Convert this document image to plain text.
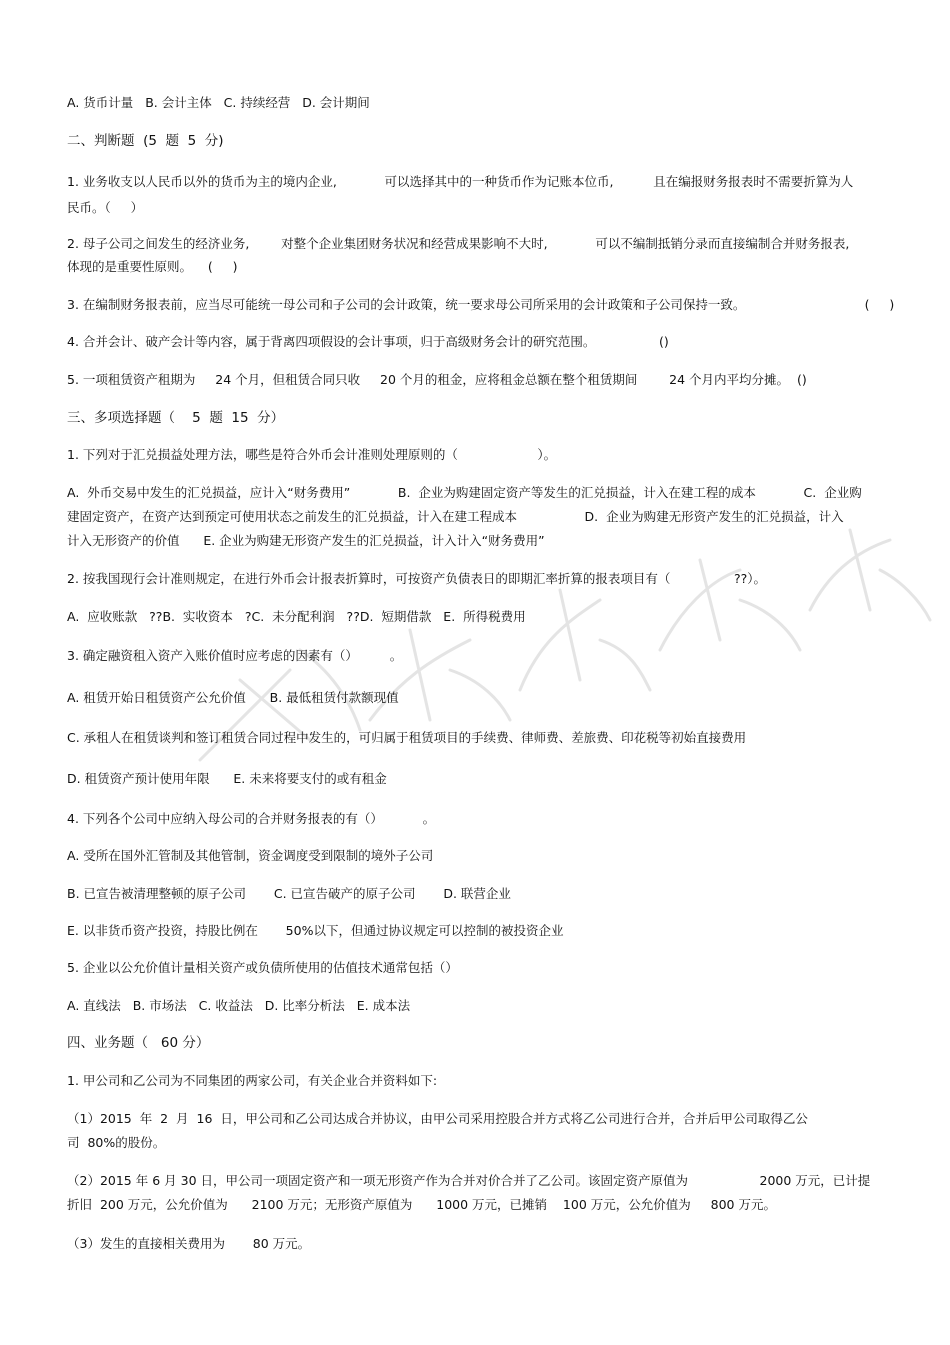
A. 货币计量   B. 会计主体   C. 持续经营   D. 会计期间
二、判断题  (5  题  5  分)
1. 业务收支以人民币以外的货币为主的境内企业,            可以选择其中的一种货币作为记账本位币,          且在编报财务报表时不需要折算为人
民币。（     ）
2. 母子公司之间发生的经济业务,        对整个企业集团财务状况和经营成果影响不大时,            可以不编制抵销分录而直接编制合并财务报表,
体现的是重要性原则。    (     )
3. 在编制财务报表前，应当尽可能统一母公司和子公司的会计政策，统一要求母公司所采用的会计政策和子公司保持一致。                              (     )
4. 合并会计、破产会计等内容，属于背离四项假设的会计事项，归于高级财务会计的研究范围。                ()
5. 一项租赁资产租期为     24 个月，但租赁合同只收     20 个月的租金，应将租金总额在整个租赁期间        24 个月内平均分摊。  ()
三、多项选择题（    5  题  15  分）
1. 下列对于汇兑损益处理方法，哪些是符合外币会计准则处理原则的（                    ）。
A.  外币交易中发生的汇兑损益，应计入“财务费用”            B.  企业为购建固定资产等发生的汇兑损益，计入在建工程的成本            C.  企业购
建固定资产，在资产达到预定可使用状态之前发生的汇兑损益，计入在建工程成本                 D.  企业为购建无形资产发生的汇兑损益，计入
计入无形资产的价值      E. 企业为购建无形资产发生的汇兑损益，计入计入“财务费用”
2. 按我国现行会计准则规定，在进行外币会计报表折算时，可按资产负债表日的即期汇率折算的报表项目有（                ??）。
A.  应收账款   ??B.  实收资本   ?C.  未分配利润   ??D.  短期借款   E.  所得税费用
3. 确定融资租入资产入账价值时应考虑的因素有（）        。
A. 租赁开始日租赁资产公允价值      B. 最低租赁付款额现值
C. 承租人在租赁谈判和签订租赁合同过程中发生的，可归属于租赁项目的手续费、律师费、差旅费、印花税等初始直接费用
D. 租赁资产预计使用年限      E. 未来将要支付的或有租金
4. 下列各个公司中应纳入母公司的合并财务报表的有（）          。
A. 受所在国外汇管制及其他管制，资金调度受到限制的境外子公司
B. 已宣告被清理整顿的原子公司       C. 已宣告破产的原子公司       D. 联营企业
E. 以非货币资产投资，持股比例在       50%以下，但通过协议规定可以控制的被投资企业
5. 企业以公允价值计量相关资产或负债所使用的估值技术通常包括（）
A. 直线法   B. 市场法   C. 收益法   D. 比率分析法   E. 成本法
四、业务题（   60 分）
1. 甲公司和乙公司为不同集团的两家公司，有关企业合并资料如下:
（1）2015  年  2  月  16  日，甲公司和乙公司达成合并协议，由甲公司采用控股合并方式将乙公司进行合并，合并后甲公司取得乙公
司  80%的股份。
（2）2015 年 6 月 30 日，甲公司一项固定资产和一项无形资产作为合并对价合并了乙公司。该固定资产原值为                  2000 万元，已计提
折旧  200 万元，公允价值为      2100 万元；无形资产原值为      1000 万元，已摊销    100 万元，公允价值为     800 万元。
（3）发生的直接相关费用为       80 万元。
